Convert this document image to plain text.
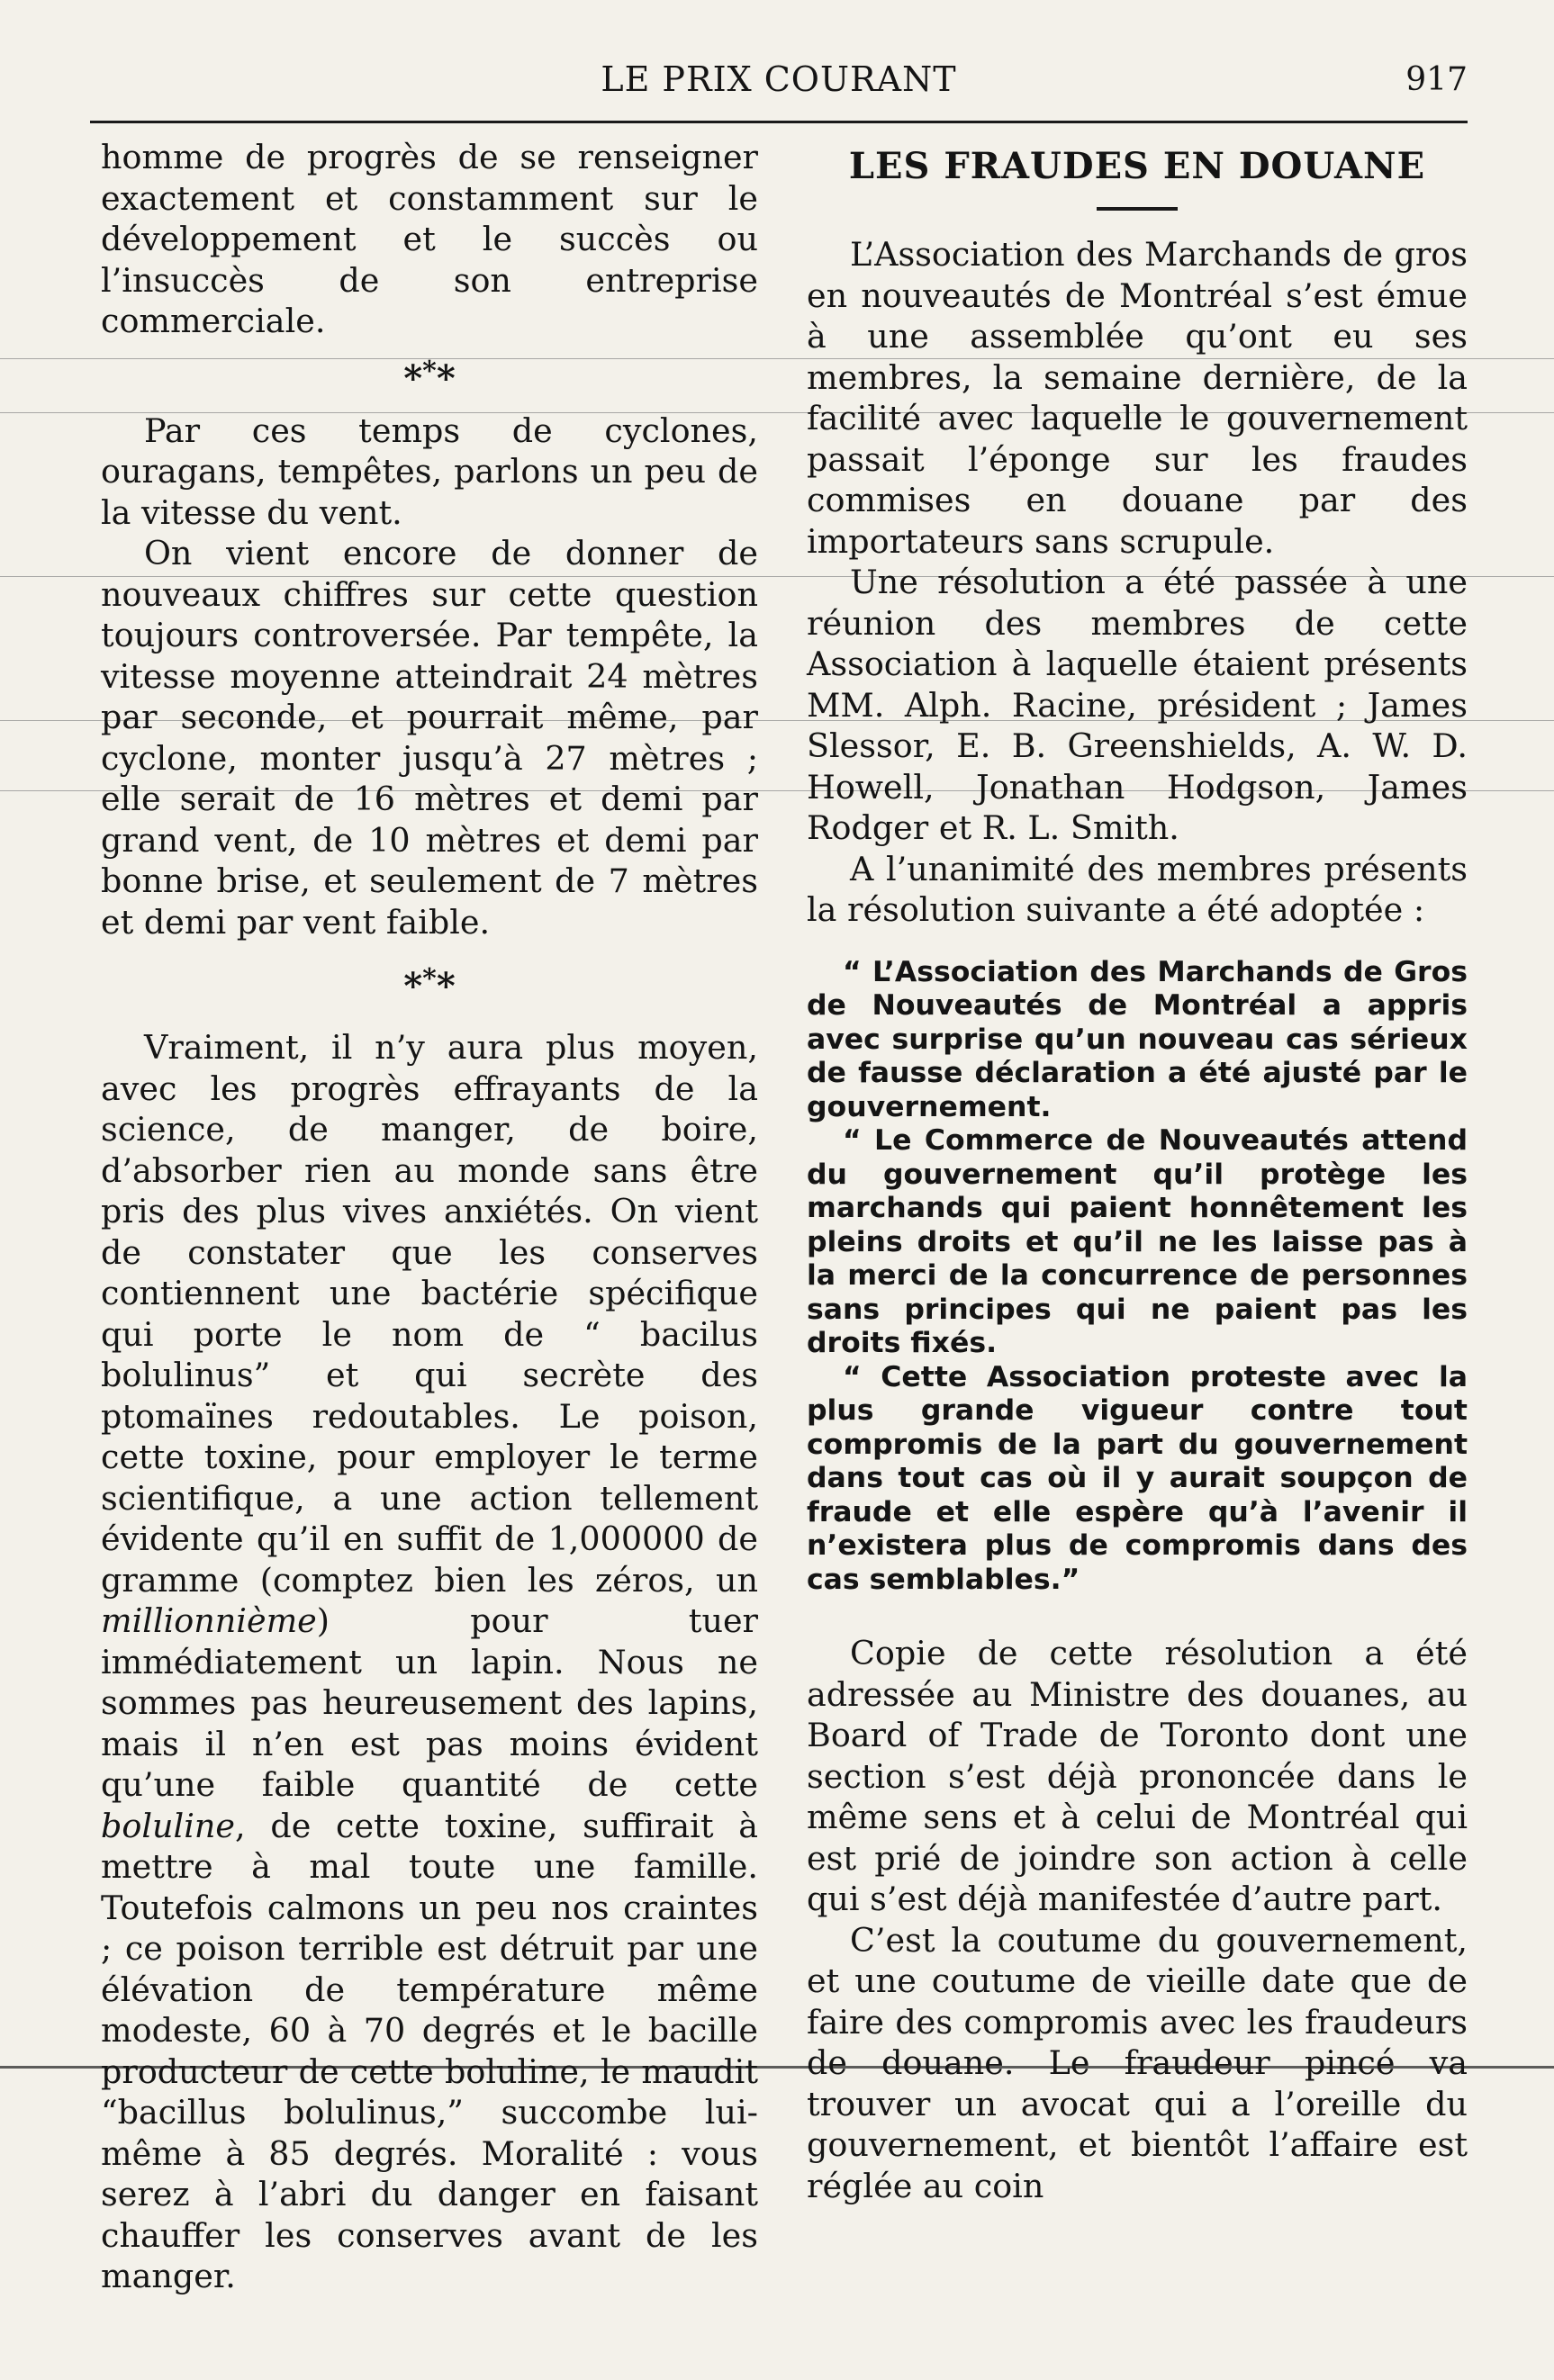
LE PRIX COURANT	917

homme de progrès de se renseigner exactement et constamment sur le développement et le succès ou l’insuccès de son entreprise commerciale.

***

Par ces temps de cyclones, ouragans, tempêtes, parlons un peu de la vitesse du vent.

On vient encore de donner de nouveaux chiffres sur cette question toujours controversée. Par tempête, la vitesse moyenne atteindrait 24 mètres par seconde, et pourrait même, par cyclone, monter jusqu’à 27 mètres ; elle serait de 16 mètres et demi par grand vent, de 10 mètres et demi par bonne brise, et seulement de 7 mètres et demi par vent faible.

***

Vraiment, il n’y aura plus moyen, avec les progrès effrayants de la science, de manger, de boire, d’absorber rien au monde sans être pris des plus vives anxiétés. On vient de constater que les conserves contiennent une bactérie spécifique qui porte le nom de “ bacilus bolulinus” et qui secrète des ptomaïnes redoutables. Le poison, cette toxine, pour employer le terme scientifique, a une action tellement évidente qu’il en suffit de 1,000000 de gramme (comptez bien les zéros, un millionnième) pour tuer immédiatement un lapin. Nous ne sommes pas heureusement des lapins, mais il n’en est pas moins évident qu’une faible quantité de cette boluline, de cette toxine, suffirait à mettre à mal toute une famille. Toutefois calmons un peu nos craintes ; ce poison terrible est détruit par une élévation de température même modeste, 60 à 70 degrés et le bacille producteur de cette boluline, le maudit “bacillus bolulinus,” succombe lui-même à 85 degrés. Moralité : vous serez à l’abri du danger en faisant chauffer les conserves avant de les manger.

LES FRAUDES EN DOUANE

L’Association des Marchands de gros en nouveautés de Montréal s’est émue à une assemblée qu’ont eu ses membres, la semaine dernière, de la facilité avec laquelle le gouvernement passait l’éponge sur les fraudes commises en douane par des importateurs sans scrupule.

Une résolution a été passée à une réunion des membres de cette Association à laquelle étaient présents MM. Alph. Racine, président ; James Slessor, E. B. Greenshields, A. W. D. Howell, Jonathan Hodgson, James Rodger et R. L. Smith.

A l’unanimité des membres présents la résolution suivante a été adoptée :

“ L’Association des Marchands de Gros de Nouveautés de Montréal a appris avec surprise qu’un nouveau cas sérieux de fausse déclaration a été ajusté par le gouvernement.

“ Le Commerce de Nouveautés attend du gouvernement qu’il protège les marchands qui paient honnêtement les pleins droits et qu’il ne les laisse pas à la merci de la concurrence de personnes sans principes qui ne paient pas les droits fixés.

“ Cette Association proteste avec la plus grande vigueur contre tout compromis de la part du gouvernement dans tout cas où il y aurait soupçon de fraude et elle espère qu’à l’avenir il n’existera plus de compromis dans des cas semblables.”

Copie de cette résolution a été adressée au Ministre des douanes, au Board of Trade de Toronto dont une section s’est déjà prononcée dans le même sens et à celui de Montréal qui est prié de joindre son action à celle qui s’est déjà manifestée d’autre part.

C’est la coutume du gouvernement, et une coutume de vieille date que de faire des compromis avec les fraudeurs de douane. Le fraudeur pincé va trouver un avocat qui a l’oreille du gouvernement, et bientôt l’affaire est réglée au coin
